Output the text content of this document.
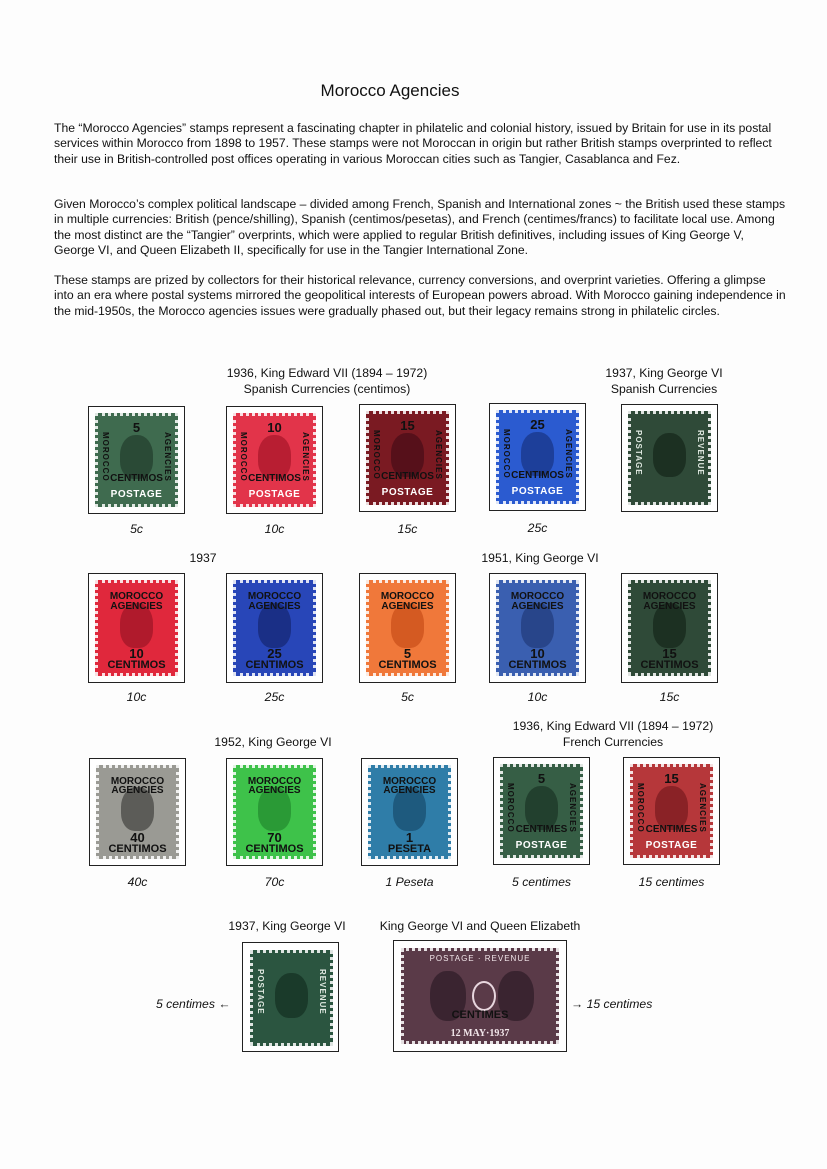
Morocco Agencies

The “Morocco Agencies” stamps represent a fascinating chapter in philatelic and colonial history, issued by Britain for use in its postal services within Morocco from 1898 to 1957. These stamps were not Moroccan in origin but rather British stamps overprinted to reflect their use in British-controlled post offices operating in various Moroccan cities such as Tangier, Casablanca and Fez.

Given Morocco’s complex political landscape – divided among French, Spanish and International zones ~ the British used these stamps in multiple currencies: British (pence/shilling), Spanish (centimos/pesetas), and French (centimes/francs) to facilitate local use. Among the most distinct are the “Tangier” overprints, which were applied to regular British definitives, including issues of King George V, George VI, and Queen Elizabeth II, specifically for use in the Tangier International Zone.

These stamps are prized by collectors for their historical relevance, currency conversions, and overprint varieties. Offering a glimpse into an era where postal systems mirrored the geopolitical interests of European powers abroad. With Morocco gaining independence in the mid-1950s, the Morocco agencies issues were gradually phased out, but their legacy remains strong in philatelic circles.

1936, King Edward VII (1894 – 1972)
Spanish Currencies (centimos)
1937, King George VI
Spanish Currencies
1937	1951, King George VI
1952, King George VI
1936, King Edward VII (1894 – 1972)
French Currencies
1937, King George VI	King George VI and Queen Elizabeth
5
MOROCCO	AGENCIES
CENTIMOS
POSTAGE
5c
10
MOROCCO	AGENCIES
CENTIMOS
POSTAGE
10c
15
MOROCCO	AGENCIES
CENTIMOS
POSTAGE
15c
25
MOROCCO	AGENCIES
CENTIMOS
POSTAGE
25c
POSTAGE	REVENUE
MOROCCO
AGENCIES
10
CENTIMOS
10c
MOROCCO
AGENCIES
25
CENTIMOS
25c
MOROCCO
AGENCIES
5
CENTIMOS
5c
MOROCCO
AGENCIES
10
CENTIMOS
10c
MOROCCO
AGENCIES
15
CENTIMOS
15c
MOROCCO
AGENCIES
40
CENTIMOS
40c
MOROCCO
AGENCIES
70
CENTIMOS
70c
MOROCCO
AGENCIES
1
PESETA
1 Peseta
5
MOROCCO	AGENCIES
CENTIMES
POSTAGE
5 centimes
15
MOROCCO	AGENCIES
CENTIMES
POSTAGE
15 centimes
5 centimes ←	POSTAGE	REVENUE
POSTAGE · REVENUE
CENTIMES
12 MAY·1937
→ 15 centimes
